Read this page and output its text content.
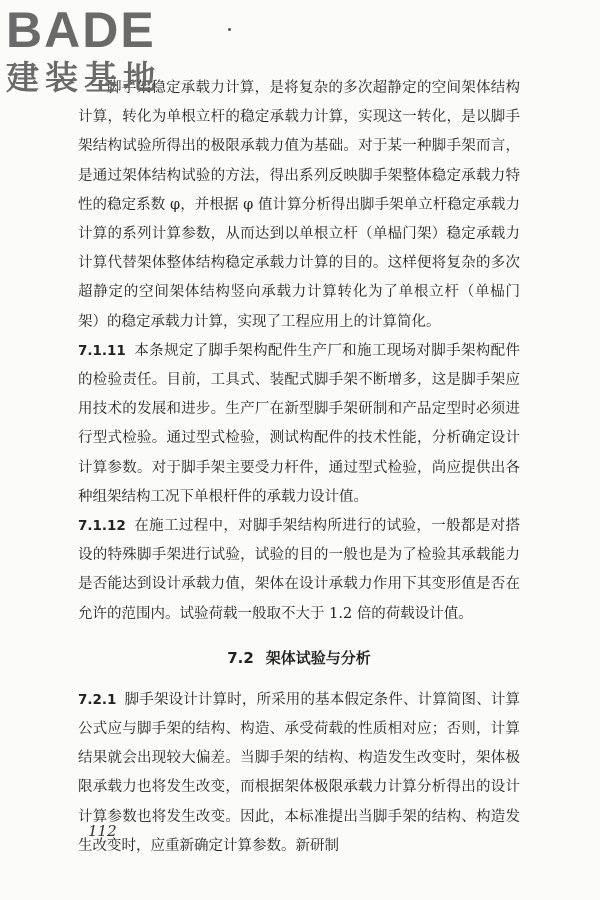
BADE
建装基地

脚手架稳定承载力计算，是将复杂的多次超静定的空间架体结构计算，转化为单根立杆的稳定承载力计算，实现这一转化，是以脚手架结构试验所得出的极限承载力值为基础。对于某一种脚手架而言，是通过架体结构试验的方法，得出系列反映脚手架整体稳定承载力特性的稳定系数 φ，并根据 φ 值计算分析得出脚手架单立杆稳定承载力计算的系列计算参数，从而达到以单根立杆（单榀门架）稳定承载力计算代替架体整体结构稳定承载力计算的目的。这样便将复杂的多次超静定的空间架体结构竖向承载力计算转化为了单根立杆（单榀门架）的稳定承载力计算，实现了工程应用上的计算简化。

7.1.11 本条规定了脚手架构配件生产厂和施工现场对脚手架构配件的检验责任。目前，工具式、装配式脚手架不断增多，这是脚手架应用技术的发展和进步。生产厂在新型脚手架研制和产品定型时必须进行型式检验。通过型式检验，测试构配件的技术性能，分析确定设计计算参数。对于脚手架主要受力杆件，通过型式检验，尚应提供出各种组架结构工况下单根杆件的承载力设计值。

7.1.12 在施工过程中，对脚手架结构所进行的试验，一般都是对搭设的特殊脚手架进行试验，试验的目的一般也是为了检验其承载能力是否能达到设计承载力值，架体在设计承载力作用下其变形值是否在允许的范围内。试验荷载一般取不大于 1.2 倍的荷载设计值。

7.2 架体试验与分析

7.2.1 脚手架设计计算时，所采用的基本假定条件、计算简图、计算公式应与脚手架的结构、构造、承受荷载的性质相对应；否则，计算结果就会出现较大偏差。当脚手架的结构、构造发生改变时，架体极限承载力也将发生改变，而根据架体极限承载力计算分析得出的设计计算参数也将发生改变。因此，本标准提出当脚手架的结构、构造发生改变时，应重新确定计算参数。新研制

112
